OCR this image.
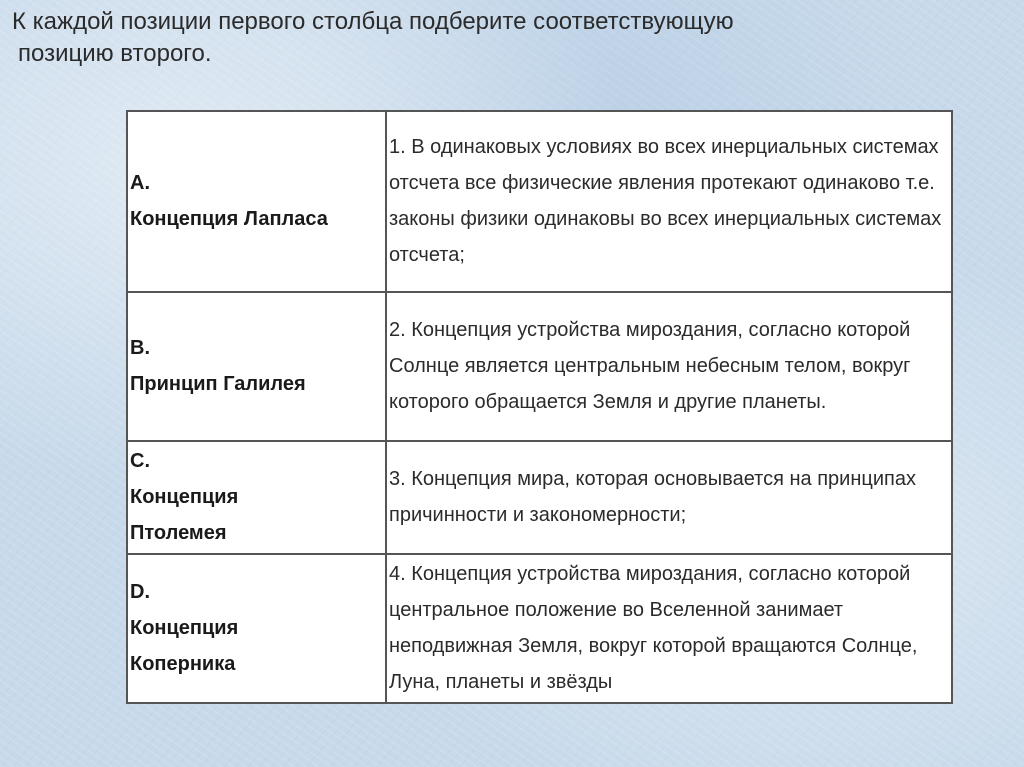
К каждой позиции первого столбца подберите соответствующую
позицию второго.
А.
Концепция Лапласа	1. В одинаковых условиях во всех инерциальных системах отсчета все физические явления протекают одинаково т.е. законы физики одинаковы во всех инерциальных системах отсчета;

В.
Принцип Галилея	2. Концепция устройства мироздания, согласно которой Солнце является центральным небесным телом, вокруг которого обращается Земля и другие планеты.

С.
Концепция
Птолемея	3. Концепция мира, которая основывается на принципах причинности и закономерности;

D.
Концепция
Коперника	4. Концепция устройства мироздания, согласно которой центральное положение во Вселенной занимает неподвижная Земля, вокруг которой вращаются Солнце, Луна, планеты и звёзды
